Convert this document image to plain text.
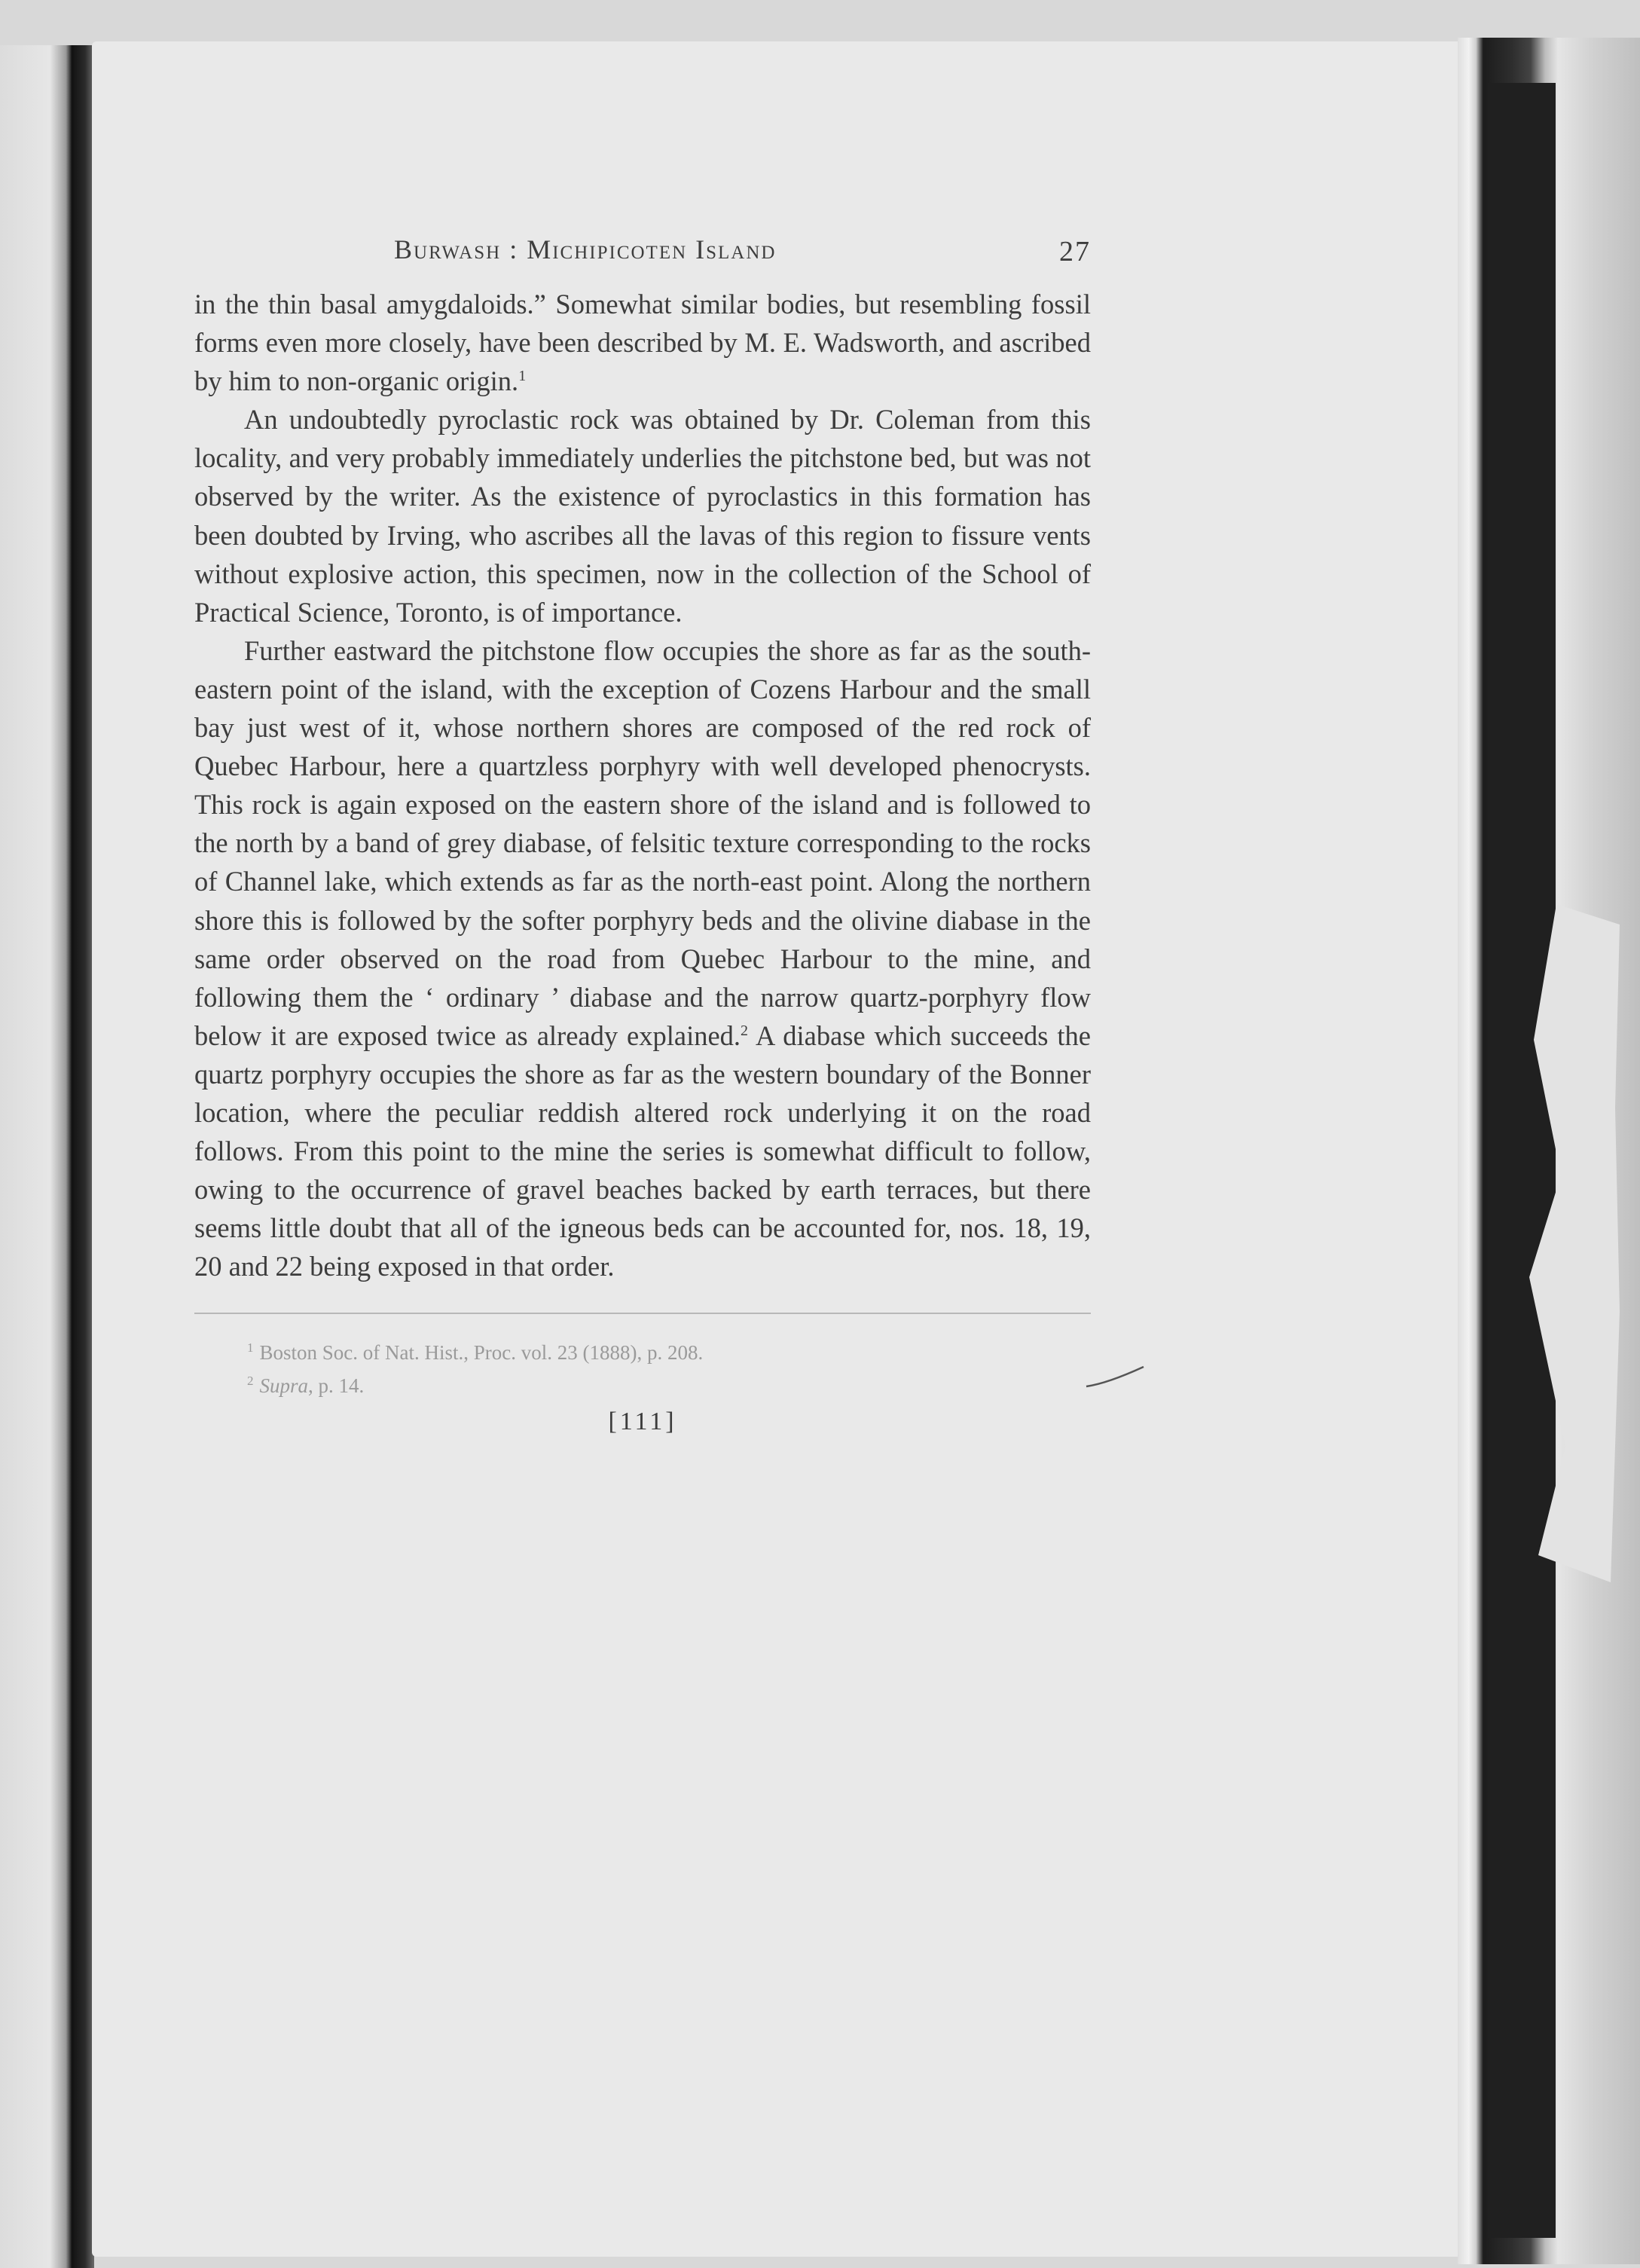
Burwash : Michipicoten Island	27

in the thin basal amygdaloids.” Somewhat similar bodies, but resembling fossil forms even more closely, have been described by M. E. Wadsworth, and ascribed by him to non-organic origin.$^1$

An undoubtedly pyroclastic rock was obtained by Dr. Coleman from this locality, and very probably immediately underlies the pitchstone bed, but was not observed by the writer. As the existence of pyroclastics in this formation has been doubted by Irving, who ascribes all the lavas of this region to fissure vents without explosive action, this specimen, now in the collection of the School of Practical Science, Toronto, is of importance.

Further eastward the pitchstone flow occupies the shore as far as the south-eastern point of the island, with the exception of Cozens Harbour and the small bay just west of it, whose northern shores are composed of the red rock of Quebec Harbour, here a quartzless porphyry with well developed phenocrysts. This rock is again exposed on the eastern shore of the island and is followed to the north by a band of grey diabase, of felsitic texture corresponding to the rocks of Channel lake, which extends as far as the north-east point. Along the northern shore this is followed by the softer porphyry beds and the olivine diabase in the same order observed on the road from Quebec Harbour to the mine, and following them the ‘ ordinary ’ diabase and the narrow quartz-porphyry flow below it are exposed twice as already explained.$^2$ A diabase which succeeds the quartz porphyry occupies the shore as far as the western boundary of the Bonner location, where the peculiar reddish altered rock underlying it on the road follows. From this point to the mine the series is somewhat difficult to follow, owing to the occurrence of gravel beaches backed by earth terraces, but there seems little doubt that all of the igneous beds can be accounted for, nos. 18, 19, 20 and 22 being exposed in that order.

$^1$ Boston Soc. of Nat. Hist., Proc. vol. 23 (1888), p. 208.
$^2$ Supra, p. 14.
[111]
